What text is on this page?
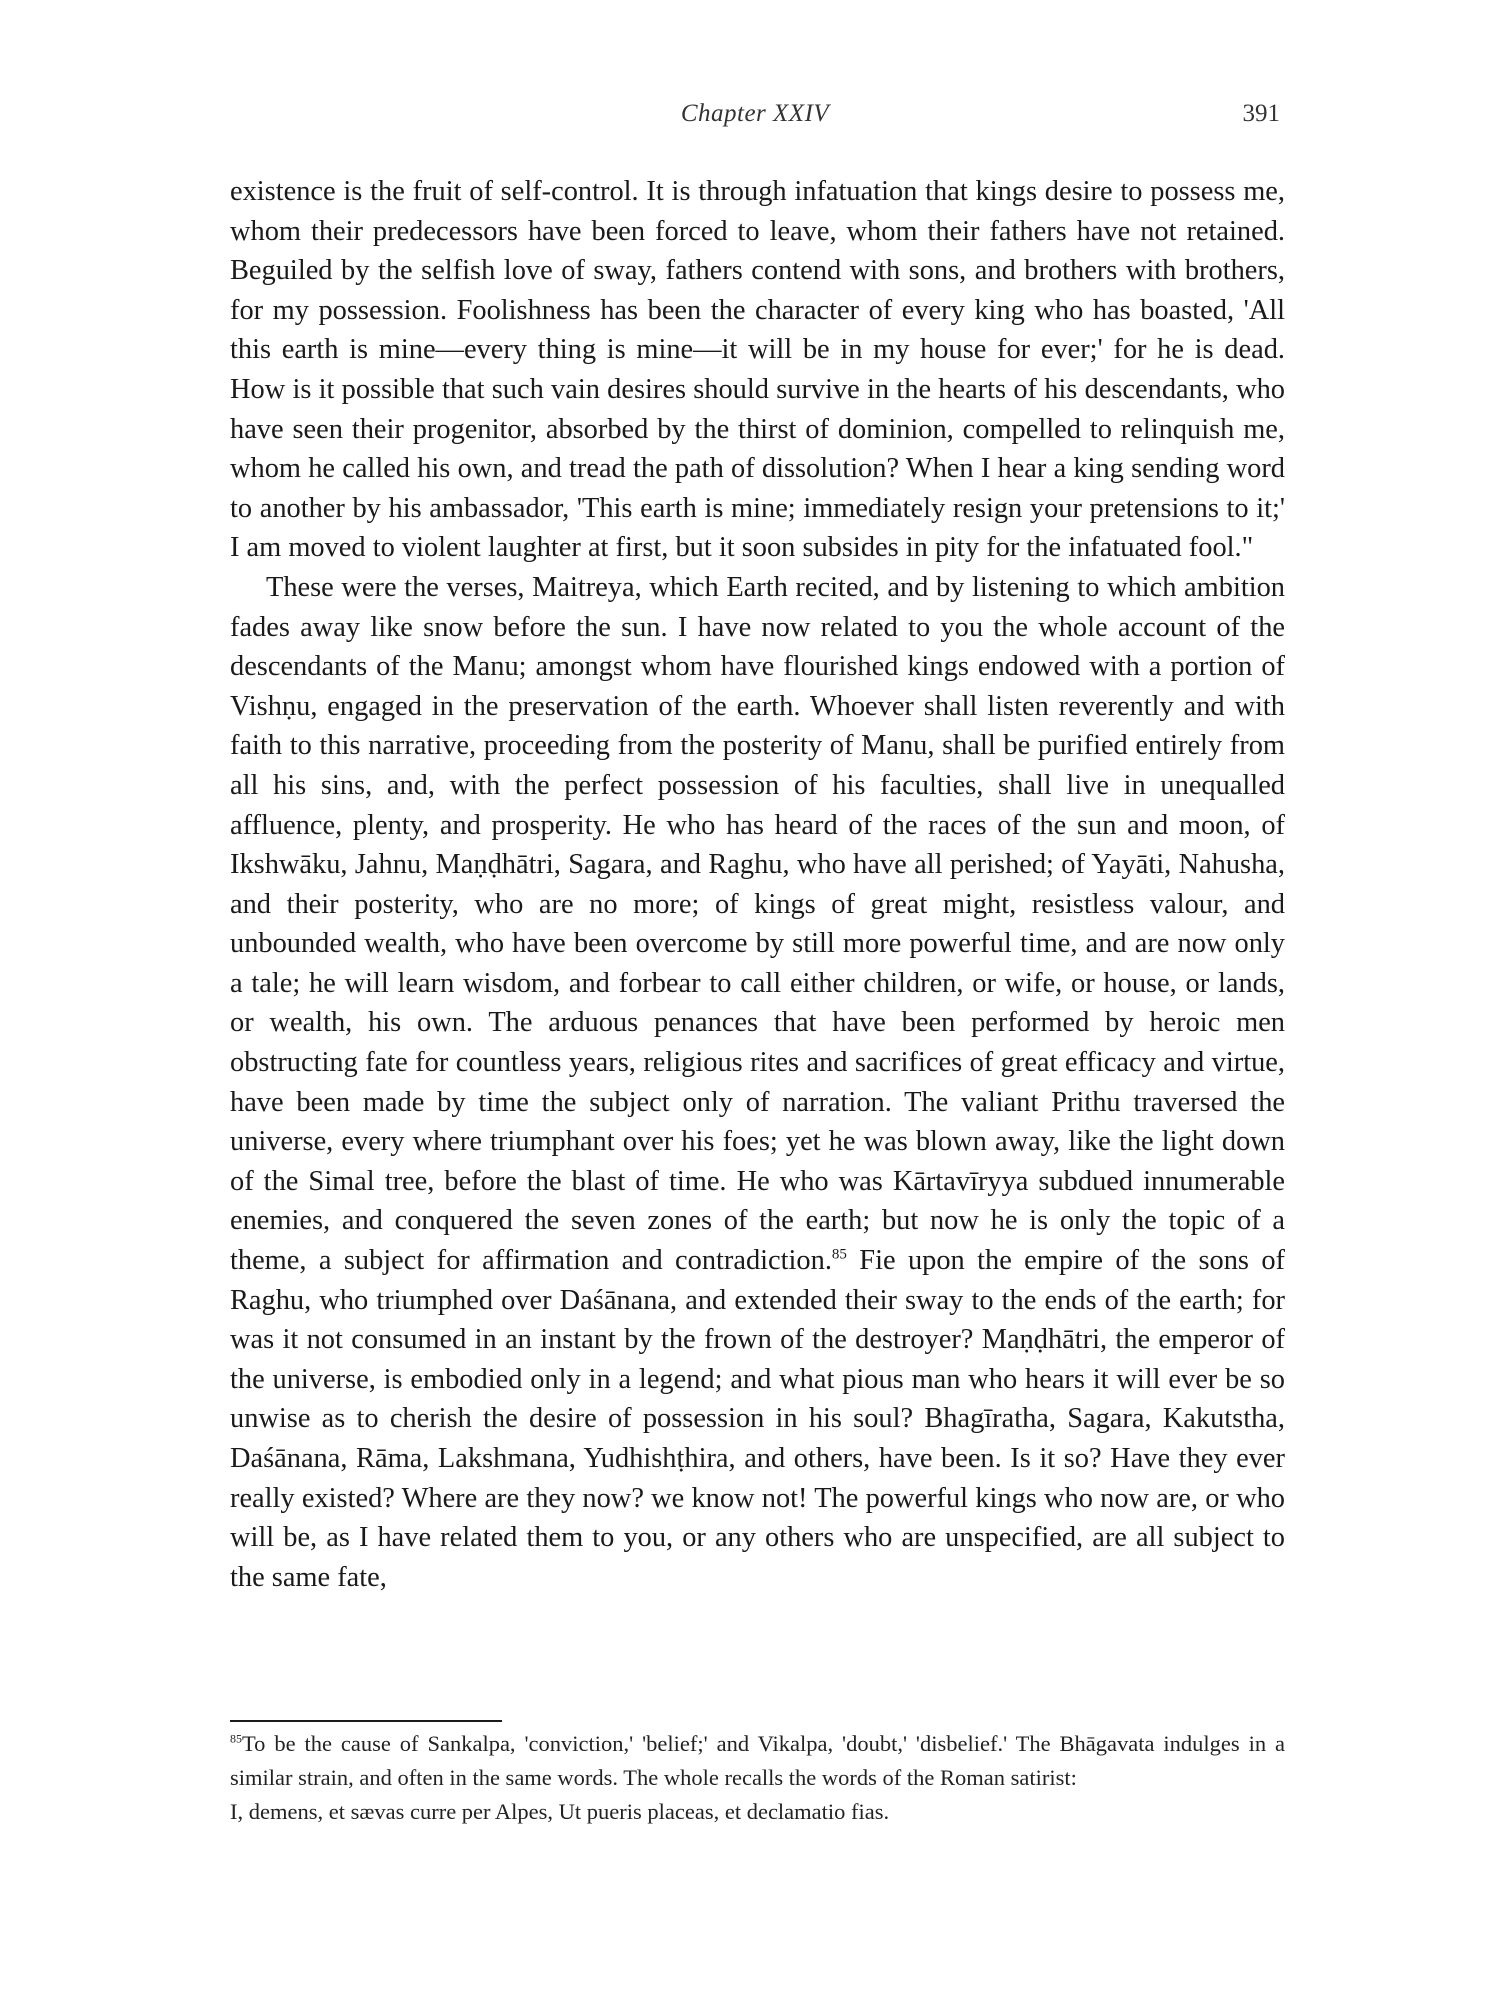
Chapter XXIV	391

existence is the fruit of self-control. It is through infatuation that kings desire to possess me, whom their predecessors have been forced to leave, whom their fathers have not retained. Beguiled by the selfish love of sway, fathers contend with sons, and brothers with brothers, for my possession. Foolishness has been the character of every king who has boasted, 'All this earth is mine—every thing is mine—it will be in my house for ever;' for he is dead. How is it possible that such vain desires should survive in the hearts of his descendants, who have seen their progenitor, absorbed by the thirst of dominion, compelled to relinquish me, whom he called his own, and tread the path of dissolution? When I hear a king sending word to another by his ambassador, 'This earth is mine; immediately resign your pretensions to it;' I am moved to violent laughter at first, but it soon subsides in pity for the infatuated fool."

These were the verses, Maitreya, which Earth recited, and by listening to which ambition fades away like snow before the sun. I have now related to you the whole account of the descendants of the Manu; amongst whom have flourished kings endowed with a portion of Vishṇu, engaged in the preservation of the earth. Whoever shall listen reverently and with faith to this narrative, proceeding from the posterity of Manu, shall be purified entirely from all his sins, and, with the perfect possession of his faculties, shall live in unequalled affluence, plenty, and prosperity. He who has heard of the races of the sun and moon, of Ikshwāku, Jahnu, Maṇḍhātri, Sagara, and Raghu, who have all perished; of Yayāti, Nahusha, and their posterity, who are no more; of kings of great might, resistless valour, and unbounded wealth, who have been overcome by still more powerful time, and are now only a tale; he will learn wisdom, and forbear to call either children, or wife, or house, or lands, or wealth, his own. The arduous penances that have been performed by heroic men obstructing fate for countless years, religious rites and sacrifices of great efficacy and virtue, have been made by time the subject only of narration. The valiant Prithu traversed the universe, every where triumphant over his foes; yet he was blown away, like the light down of the Simal tree, before the blast of time. He who was Kārtavīryya subdued innumerable enemies, and conquered the seven zones of the earth; but now he is only the topic of a theme, a subject for affirmation and contradiction.$^{85}$ Fie upon the empire of the sons of Raghu, who triumphed over Daśānana, and extended their sway to the ends of the earth; for was it not consumed in an instant by the frown of the destroyer? Maṇḍhātri, the emperor of the universe, is embodied only in a legend; and what pious man who hears it will ever be so unwise as to cherish the desire of possession in his soul? Bhagīratha, Sagara, Kakutstha, Daśānana, Rāma, Lakshmana, Yudhishṭhira, and others, have been. Is it so? Have they ever really existed? Where are they now? we know not! The powerful kings who now are, or who will be, as I have related them to you, or any others who are unspecified, are all subject to the same fate,

$^{85}$To be the cause of Sankalpa, 'conviction,' 'belief;' and Vikalpa, 'doubt,' 'disbelief.' The Bhāgavata indulges in a similar strain, and often in the same words. The whole recalls the words of the Roman satirist:

I, demens, et sævas curre per Alpes, Ut pueris placeas, et declamatio fias.
